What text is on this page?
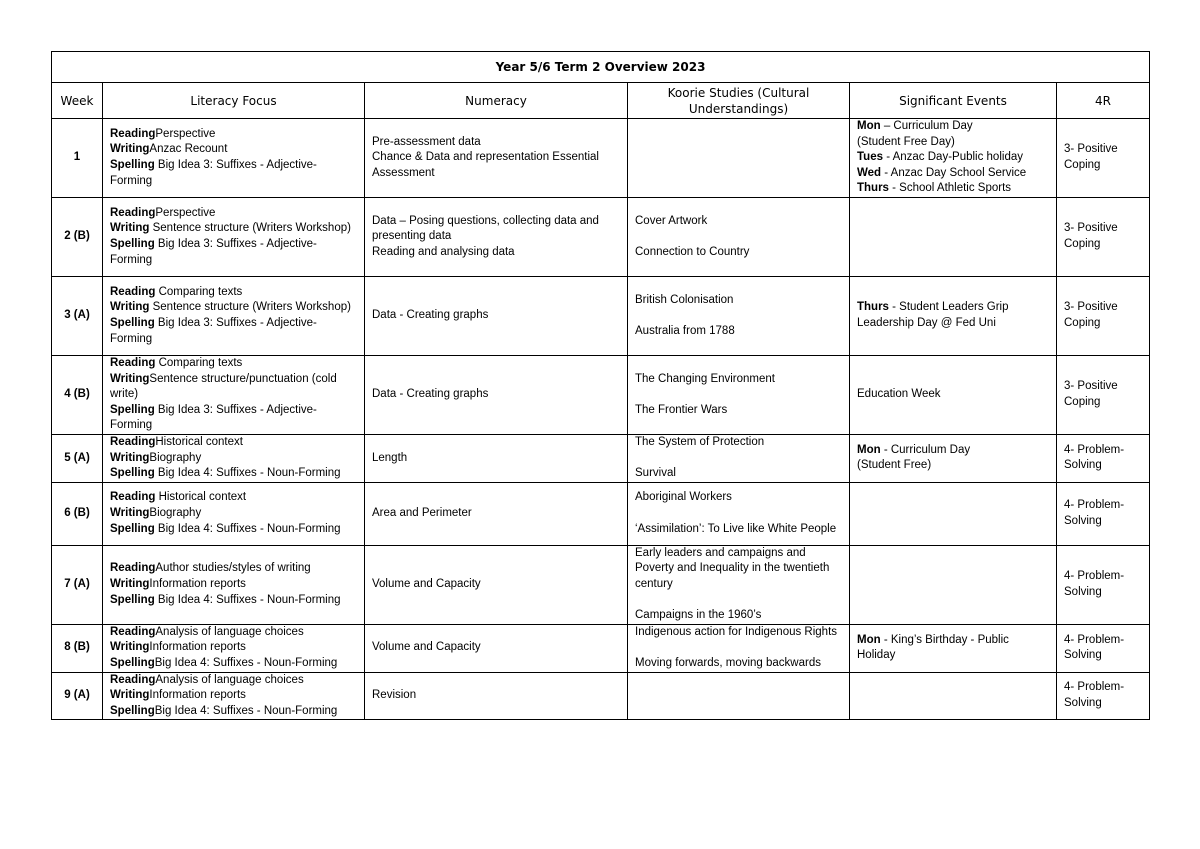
Year 5/6 Term 2 Overview 2023					
Week	Literacy Focus	Numeracy	Koorie Studies (Cultural Understandings)	Significant Events	4R
1	ReadingPerspective
WritingAnzac Recount
Spelling Big Idea 3: Suffixes - Adjective-Forming	Pre-assessment data
Chance & Data and representation Essential Assessment		Mon – Curriculum Day
(Student Free Day)
Tues - Anzac Day-Public holiday
Wed - Anzac Day School Service
Thurs - School Athletic Sports	3- Positive Coping
2 (B)	ReadingPerspective
Writing Sentence structure (Writers Workshop)
Spelling Big Idea 3: Suffixes - Adjective-Forming	Data – Posing questions, collecting data and presenting data
Reading and analysing data	Cover Artwork
Connection to Country		3- Positive Coping
3 (A)	Reading Comparing texts
Writing Sentence structure (Writers Workshop)
Spelling Big Idea 3: Suffixes - Adjective-Forming	Data - Creating graphs	British Colonisation
Australia from 1788	Thurs - Student Leaders Grip Leadership Day @ Fed Uni	3- Positive Coping
4 (B)	Reading Comparing texts
WritingSentence structure/punctuation (cold write)
Spelling Big Idea 3: Suffixes - Adjective-Forming	Data - Creating graphs	The Changing Environment
The Frontier Wars	Education Week	3- Positive Coping
5 (A)	ReadingHistorical context
WritingBiography
Spelling Big Idea 4: Suffixes - Noun-Forming	Length	The System of Protection
Survival	Mon - Curriculum Day
(Student Free)	4- Problem-Solving
6 (B)	Reading Historical context
WritingBiography
Spelling Big Idea 4: Suffixes - Noun-Forming	Area and Perimeter	Aboriginal Workers
‘Assimilation’: To Live like White People		4- Problem-Solving
7 (A)	ReadingAuthor studies/styles of writing
WritingInformation reports
Spelling Big Idea 4: Suffixes - Noun-Forming	Volume and Capacity	Early leaders and campaigns and Poverty and Inequality in the twentieth century
Campaigns in the 1960’s		4- Problem-Solving
8 (B)	ReadingAnalysis of language choices
WritingInformation reports
SpellingBig Idea 4: Suffixes - Noun-Forming	Volume and Capacity	Indigenous action for Indigenous Rights
Moving forwards, moving backwards	Mon - King’s Birthday - Public Holiday	4- Problem-Solving
9 (A)	ReadingAnalysis of language choices
WritingInformation reports
SpellingBig Idea 4: Suffixes - Noun-Forming	Revision			4- Problem-Solving
